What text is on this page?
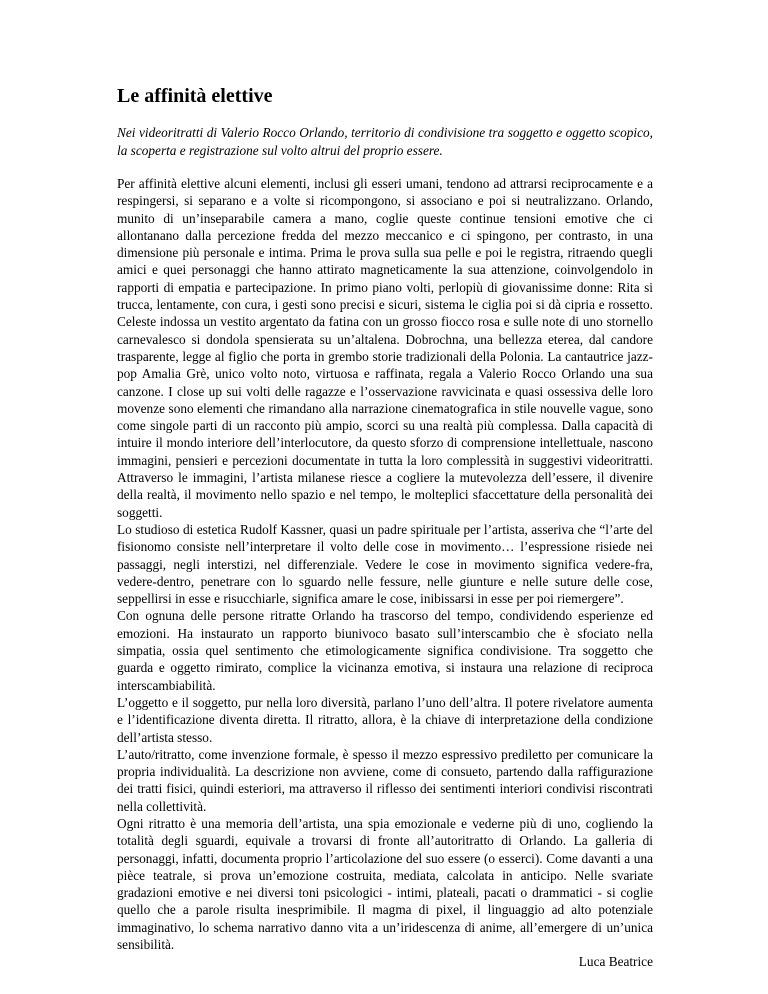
Le affinità elettive

Nei videoritratti di Valerio Rocco Orlando, territorio di condivisione tra soggetto e oggetto scopico, la scoperta e registrazione sul volto altrui del proprio essere.

Per affinità elettive alcuni elementi, inclusi gli esseri umani, tendono ad attrarsi reciprocamente e a respingersi, si separano e a volte si ricompongono, si associano e poi si neutralizzano. Orlando, munito di un’inseparabile camera a mano, coglie queste continue tensioni emotive che ci allontanano dalla percezione fredda del mezzo meccanico e ci spingono, per contrasto, in una dimensione più personale e intima. Prima le prova sulla sua pelle e poi le registra, ritraendo quegli amici e quei personaggi che hanno attirato magneticamente la sua attenzione, coinvolgendolo in rapporti di empatia e partecipazione. In primo piano volti, perlopiù di giovanissime donne: Rita si trucca, lentamente, con cura, i gesti sono precisi e sicuri, sistema le ciglia poi si dà cipria e rossetto. Celeste indossa un vestito argentato da fatina con un grosso fiocco rosa e sulle note di uno stornello carnevalesco si dondola spensierata su un’altalena. Dobrochna, una bellezza eterea, dal candore trasparente, legge al figlio che porta in grembo storie tradizionali della Polonia. La cantautrice jazz-pop Amalia Grè, unico volto noto, virtuosa e raffinata, regala a Valerio Rocco Orlando una sua canzone. I close up sui volti delle ragazze e l’osservazione ravvicinata e quasi ossessiva delle loro movenze sono elementi che rimandano alla narrazione cinematografica in stile nouvelle vague, sono come singole parti di un racconto più ampio, scorci su una realtà più complessa. Dalla capacità di intuire il mondo interiore dell’interlocutore, da questo sforzo di comprensione intellettuale, nascono immagini, pensieri e percezioni documentate in tutta la loro complessità in suggestivi videoritratti. Attraverso le immagini, l’artista milanese riesce a cogliere la mutevolezza dell’essere, il divenire della realtà, il movimento nello spazio e nel tempo, le molteplici sfaccettature della personalità dei soggetti.

Lo studioso di estetica Rudolf Kassner, quasi un padre spirituale per l’artista, asseriva che “l’arte del fisionomo consiste nell’interpretare il volto delle cose in movimento… l’espressione risiede nei passaggi, negli interstizi, nel differenziale. Vedere le cose in movimento significa vedere-fra, vedere-dentro, penetrare con lo sguardo nelle fessure, nelle giunture e nelle suture delle cose, seppellirsi in esse e risucchiarle, significa amare le cose, inibissarsi in esse per poi riemergere”.

Con ognuna delle persone ritratte Orlando ha trascorso del tempo, condividendo esperienze ed emozioni. Ha instaurato un rapporto biunivoco basato sull’interscambio che è sfociato nella simpatia, ossia quel sentimento che etimologicamente significa condivisione. Tra soggetto che guarda e oggetto rimirato, complice la vicinanza emotiva, si instaura una relazione di reciproca interscambiabilità.

L’oggetto e il soggetto, pur nella loro diversità, parlano l’uno dell’altra. Il potere rivelatore aumenta e l’identificazione diventa diretta. Il ritratto, allora, è la chiave di interpretazione della condizione dell’artista stesso.

L’auto/ritratto, come invenzione formale, è spesso il mezzo espressivo prediletto per comunicare la propria individualità. La descrizione non avviene, come di consueto, partendo dalla raffigurazione dei tratti fisici, quindi esteriori, ma attraverso il riflesso dei sentimenti interiori condivisi riscontrati nella collettività.

Ogni ritratto è una memoria dell’artista, una spia emozionale e vederne più di uno, cogliendo la totalità degli sguardi, equivale a trovarsi di fronte all’autoritratto di Orlando. La galleria di personaggi, infatti, documenta proprio l’articolazione del suo essere (o esserci). Come davanti a una pièce teatrale, si prova un’emozione costruita, mediata, calcolata in anticipo. Nelle svariate gradazioni emotive e nei diversi toni psicologici - intimi, plateali, pacati o drammatici - si coglie quello che a parole risulta inesprimibile. Il magma di pixel, il linguaggio ad alto potenziale immaginativo, lo schema narrativo danno vita a un’iridescenza di anime, all’emergere di un’unica sensibilità.

Luca Beatrice
